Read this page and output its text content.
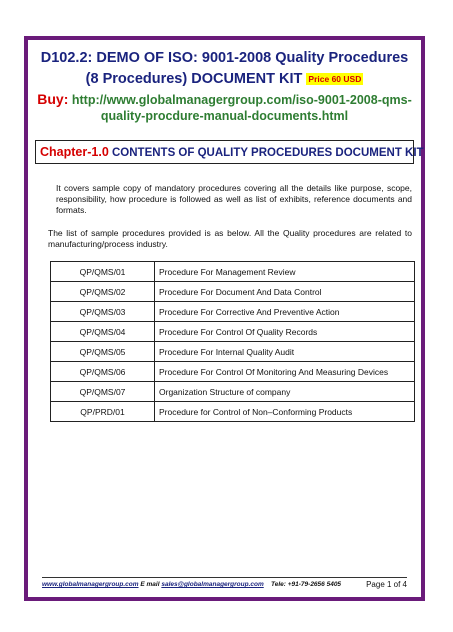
D102.2: DEMO OF ISO: 9001-2008 Quality Procedures
(8 Procedures) DOCUMENT KIT Price 60 USD
Buy: http://www.globalmanagergroup.com/iso-9001-2008-qms-
quality-procdure-manual-documents.html
Chapter-1.0 CONTENTS OF QUALITY PROCEDURES DOCUMENT KIT
It covers sample copy of mandatory procedures covering all the details like purpose, scope, responsibility, how procedure is followed as well as list of exhibits, reference documents and formats.
The list of sample procedures provided is as below. All the Quality procedures are related to manufacturing/process industry.
QP/QMS/01	Procedure For Management Review
QP/QMS/02	Procedure For Document And Data Control
QP/QMS/03	Procedure For Corrective And Preventive Action
QP/QMS/04	Procedure For Control Of Quality Records
QP/QMS/05	Procedure For Internal Quality Audit
QP/QMS/06	Procedure For Control Of Monitoring And Measuring Devices
QP/QMS/07	Organization Structure of company
QP/PRD/01	Procedure for Control of Non–Conforming Products
www.globalmanagergroup.com E mail sales@globalmanagergroup.com Tele: +91-79-2656 5405	Page 1 of 4
